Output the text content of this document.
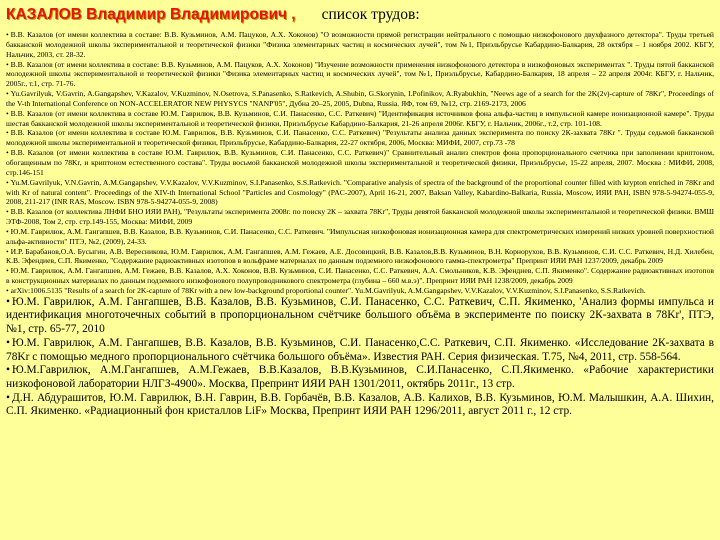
КАЗАЛОВ Владимир Владимирович , список трудов:

• В.В. Казалов (от имени коллектива в составе: В.В. Кузьминов, А.М. Пацуков, А.Х. Хоконов) "О возможности прямой регистрации нейтрального с помощью низкофонового двухфазного детектора". Труды третьей бакканской молодежной школы экспериментальной и теоретической физики "Физика элементарных частиц и космических лучей", том №1, Приэльбрусье Кабардино-Балкария, 28 октября – 1 ноября 2002. КБГУ, Нальчик, 2003, ст. 28-32.

• В.В. Казалов (от имени коллектива в составе: В.В. Кузьминов, А.М. Пацуков, А.Х. Хоконов) "Изучение возможности применения низкофонового детектора в низкофоновых экспериментах ". Труды пятой бакканской молодежной школы экспериментальной и теоретической физики "Физика элементарных частиц и космических лучей", том №1, Приэльбрусье, Кабардино-Балкария, 18 апреля – 22 апреля 2004г. КБГУ, г. Нальчик, 2005г., т.1, стр. 71-76.

• Yu.Gavrilyuk, V.Gavrin, A.Gangapshev, V.Kazalov, V.Kuzminov, N.Osetrova, S.Panasenko, S.Ratkevich, A.Shubin, G.Skorynin, I.Pofinikov, A.Ryabukhin, "Neews age of a search for the 2K(2ν)-capture of 78Kr", Proceedings of the V-th International Conference on NON-ACCELERATOR NEW PHYSYCS "NANP'05", Дубна 20–25, 2005, Dubna, Russia. ЯФ, том 69, №12, стр. 2169-2173, 2006

• В.В. Казалов (от имени коллектива в составе Ю.М. Гаврилюк, В.В. Кузьминов, С.И. Панасенко, С.С. Раткевич) "Идентификация источников фона альфа-частиц в импульсной камере ионизационной камере". Труды шестая бакканской молодежной школы экспериментальной и теоретической физики, Приэльбрусье Кабардино-Балкария, 21-26 апреля 2006г. КБГУ, г. Нальчик, 2006г., т.2, стр. 101-108.

• В.В. Казалов (от имени коллектива в составе Ю.М. Гаврилюк, В.В. Кузьминов, С.И. Панасенко, С.С. Раткевич) "Результаты анализа данных эксперимента по поиску 2К-захвата 78Kr ". Труды седьмой бакканской молодежной школы экспериментальной и теоретической физики, Приэльбрусье, Кабардино-Балкария, 22-27 октября, 2006, Москва: МИФИ, 2007, стр.73 -78

• В.В. Казалов (от имени коллектива в составе Ю.М. Гаврилюк, В.В. Кузьминов, С.И. Панасенко, С.С. Раткевич)" Сравнительный анализ спектров фона пропорционального счетчика при заполнении криптоном, обогащенным по 78Kr, и криптоном естественного состава". Труды восьмой бакканской молодежной школы экспериментальной и теоретической физики, Приэльбрусье, 15-22 апреля, 2007. Москва : МИФИ, 2008, стр.146-151

• Yu.M.Gavrilyuk, V.N.Gavrin, A.M.Gangapshev, V.V.Kazalov, V.V.Kuzminov, S.I.Panasenko, S.S.Ratkevich. "Comparative analysis of spectra of the background of the proportional counter filled with krypton enriched in 78Kr and with Kr of natural content". Proceedings of the XIV-th International School "Particles and Cosmology" (PAC-2007), April 16-21, 2007, Baksan Valley, Kabardino-Balkaria, Russia, Moscow, ИЯИ РАН, ISBN 978-5-94274-055-9, 2008, 211-217 (INR RAS, Moscow. ISBN 978-5-94274-055-9, 2008)

• В.В. Казалов (от коллектива ЛНФИ БНО ИЯИ РАН), "Результаты эксперимента 2008г. по поиску 2К – захвата 78Kr", Труды девятой бакканской молодежной школы экспериментальной и теоретической физики. ВМШ ЭТФ-2008, Том 2, стр. стр.149-155, Москва: МИФИ, 2009

• Ю.М. Гаврилюк, А.М. Гангапшев, В.В. Казалов, В.В. Кузьминов, С.И. Панасенко, С.С. Раткевич. "Импульсная низкофоновая ионизационная камера для спектрометрических измерений низких уровней поверхностной альфа-активности" ПТЭ, №2, (2009), 24-33.

• И.Р. Барабанов,О.А. Бусыгин, А.В. Вересникова, Ю.М. Гаврилюк, А.М. Гангапшев, А.М. Гежаев, А.Е. Досовицкий, В.В. Казалов,В.В. Кузьминов, В.Н. Корнорухов, В.В. Кузьминов, С.И. С.С. Раткевич, Н.Д. Хилебен, К.В. Эфендиев, С.П. Якименко, "Содержание радиоактивных изотопов в вольфраме материалах по данным подземного низкофонового гамма-спектрометра" Препринт ИЯИ РАН 1237/2009, декабрь 2009

• Ю.М. Гаврилюк, А.М. Гангапшев, А.М. Гежаев, В.В. Казалов, А.Х. Хоконов, В.В. Кузьминов, С.И. Панасенко, С.С. Раткевич, А.А. Смольников, К.В. Эфендиев, С.П. Якименко". Содержание радиоактивных изотопов в конструкционных материалах по данным подземного низкофонового полупроводникового спектрометра (глубина – 660 м.в.э)". Препринт ИЯИ РАН 1238/2009, декабрь 2009

• arXiv:1006.5135 "Results of a search for 2K-capture of 78Kr with a new low-background proportional counter". Yu.M.Gavrilyuk, A.M.Gangapshev, V.V.Kazalov, V.V.Kuzminov, S.I.Panasenko, S.S.Ratkevich.

• Ю.М. Гаврилюк, А.М. Гангапшев, В.В. Казалов, В.В. Кузьминов, С.И. Панасенко, С.С. Раткевич, С.П. Якименко, 'Анализ формы импульса и идентификация многоточечных событий в пропорциональном счётчике большого объёма в эксперименте по поиску 2К-захвата в 78Kr', ПТЭ, №1, стр. 65-77, 2010

• Ю.М. Гаврилюк, А.М. Гангапшев, В.В. Казалов, В.В. Кузьминов, С.И. Панасенко,С.С. Раткевич, С.П. Якименко. «Исследование 2К-захвата в 78Kr с помощью медного пропорционального счётчика большого объёма». Известия РАН. Серия физическая. Т.75, №4, 2011, стр. 558-564.

• Ю.М.Гаврилюк, А.М.Гангапшев, А.М.Гежаев, В.В.Казалов, В.В.Кузьминов, С.И.Панасенко, С.П.Якименко. «Рабочие характеристики низкофоновой лаборатории НЛГЗ-4900». Москва, Препринт ИЯИ РАН 1301/2011, октябрь 2011г., 13 стр.

• Д.Н. Абдурашитов, Ю.М. Гаврилюк, В.Н. Гаврин, В.В. Горбачёв, В.В. Казалов, А.В. Калихов, В.В. Кузьминов, Ю.М. Малышкин, А.А. Шихин, С.П. Якименко. «Радиационный фон кристаллов LiF» Москва, Препринт ИЯИ РАН 1296/2011, август 2011 г., 12 стр.
